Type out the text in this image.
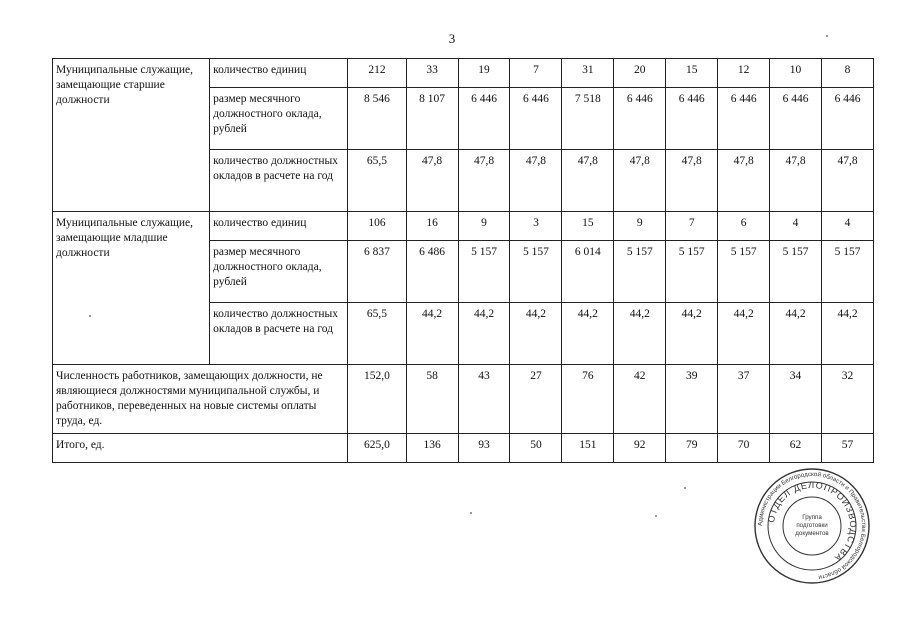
3
Муниципальные служащие, замещающие старшие должности	количество единиц	212	33	19	7	31	20	15	12	10	8
	размер месячного должностного оклада, рублей	8 546	8 107	6 446	6 446	7 518	6 446	6 446	6 446	6 446	6 446
	количество должностных окладов в расчете на год	65,5	47,8	47,8	47,8	47,8	47,8	47,8	47,8	47,8	47,8
Муниципальные служащие, замещающие младшие должности	количество единиц	106	16	9	3	15	9	7	6	4	4
	размер месячного должностного оклада, рублей	6 837	6 486	5 157	5 157	6 014	5 157	5 157	5 157	5 157	5 157
	количество должностных окладов в расчете на год	65,5	44,2	44,2	44,2	44,2	44,2	44,2	44,2	44,2	44,2
Численность работников, замещающих должности, не являющиеся должностями муниципальной службы, и работников, переведенных на новые системы оплаты труда, ед.		152,0	58	43	27	76	42	39	37	34	32
Итого, ед.		625,0	136	93	50	151	92	79	70	62	57
Администрации Белгородской области и Правительства Белгородской области
ОТДЕЛ ДЕЛОПРОИЗВОДСТВА
Группа
подготовки
документов
